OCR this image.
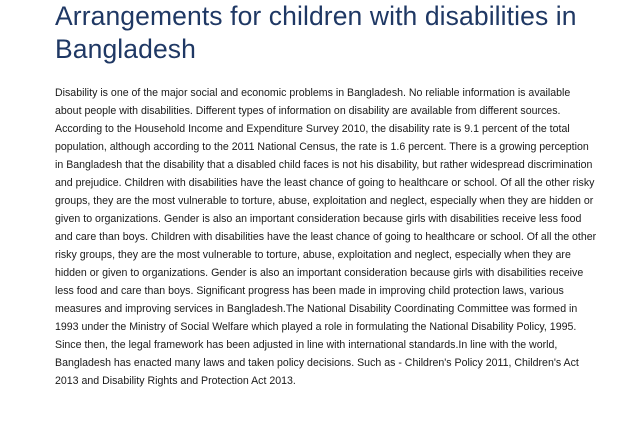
Arrangements for children with disabilities in Bangladesh

Disability is one of the major social and economic problems in Bangladesh. No reliable information is available about people with disabilities. Different types of information on disability are available from different sources. According to the Household Income and Expenditure Survey 2010, the disability rate is 9.1 percent of the total population, although according to the 2011 National Census, the rate is 1.6 percent. There is a growing perception in Bangladesh that the disability that a disabled child faces is not his disability, but rather widespread discrimination and prejudice. Children with disabilities have the least chance of going to healthcare or school. Of all the other risky groups, they are the most vulnerable to torture, abuse, exploitation and neglect, especially when they are hidden or given to organizations. Gender is also an important consideration because girls with disabilities receive less food and care than boys. Children with disabilities have the least chance of going to healthcare or school. Of all the other risky groups, they are the most vulnerable to torture, abuse, exploitation and neglect, especially when they are hidden or given to organizations. Gender is also an important consideration because girls with disabilities receive less food and care than boys. Significant progress has been made in improving child protection laws, various measures and improving services in Bangladesh.The National Disability Coordinating Committee was formed in 1993 under the Ministry of Social Welfare which played a role in formulating the National Disability Policy, 1995. Since then, the legal framework has been adjusted in line with international standards.In line with the world, Bangladesh has enacted many laws and taken policy decisions. Such as - Children's Policy 2011, Children's Act 2013 and Disability Rights and Protection Act 2013.
